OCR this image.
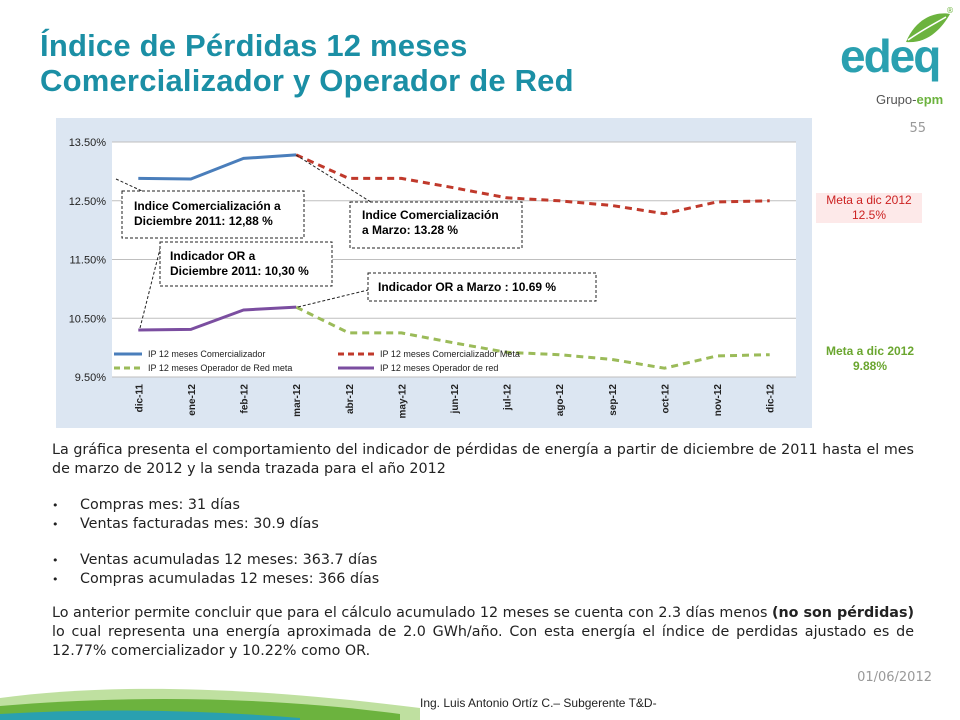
Índice de Pérdidas 12 meses
Comercializador y Operador de Red
®
edeq
Grupo-epm
55
9.50%
10.50%
11.50%
12.50%
13.50%
dic-11	ene-12	feb-12	mar-12	abr-12	may-12	jun-12	jul-12	ago-12	sep-12	oct-12	nov-12	dic-12
Indice Comercialización a
Diciembre 2011: 12,88 %	Indice Comercialización
a Marzo: 13.28 %
Indicador OR a
Diciembre 2011: 10,30 %
Indicador OR a Marzo : 10.69 %
IP 12 meses Comercializador	IP 12 meses Comercializador Meta
IP 12 meses Operador de Red meta	IP 12 meses Operador de red
Meta a dic 2012
12.5%
Meta a dic 2012
9.88%

La gráfica presenta el comportamiento del indicador de pérdidas de energía a partir de diciembre de 2011 hasta el mes de marzo de 2012 y la senda trazada para el año 2012

• Compras mes: 31 días
• Ventas facturadas mes: 30.9 días
• Ventas acumuladas 12 meses: 363.7 días
• Compras acumuladas 12 meses: 366 días

Lo anterior permite concluir que para el cálculo acumulado 12 meses se cuenta con 2.3 días menos (no son pérdidas) lo cual representa una energía aproximada de 2.0 GWh/año. Con esta energía el índice de perdidas ajustado es de 12.77% comercializador y 10.22% como OR.

01/06/2012
Ing. Luis Antonio Ortíz C.– Subgerente T&D-
